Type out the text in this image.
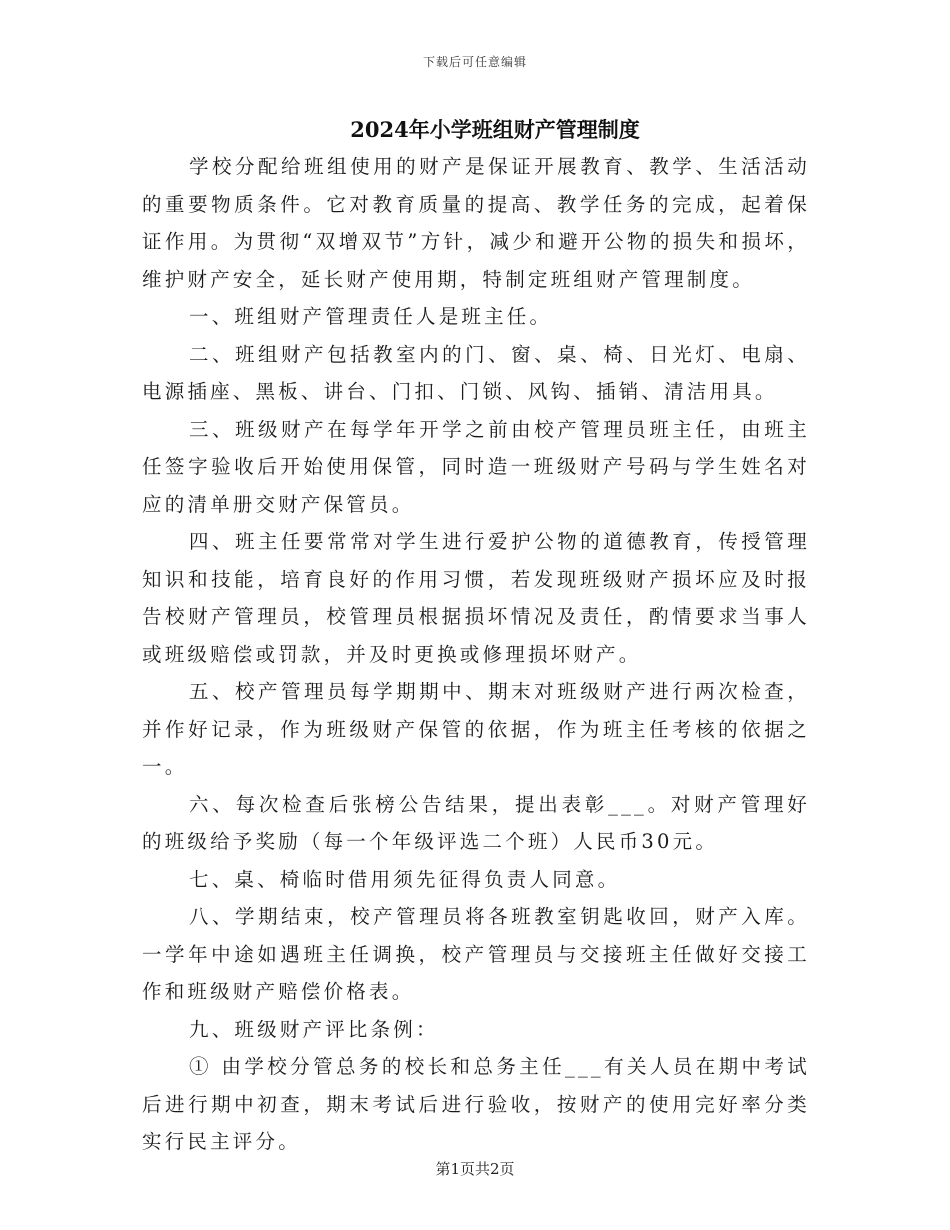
下载后可任意编辑
2024年小学班组财产管理制度

学校分配给班组使用的财产是保证开展教育、教学、生活活动的重要物质条件。它对教育质量的提高、教学任务的完成，起着保证作用。为贯彻“双增双节”方针，减少和避开公物的损失和损坏，维护财产安全，延长财产使用期，特制定班组财产管理制度。

一、班组财产管理责任人是班主任。

二、班组财产包括教室内的门、窗、桌、椅、日光灯、电扇、电源插座、黑板、讲台、门扣、门锁、风钩、插销、清洁用具。

三、班级财产在每学年开学之前由校产管理员班主任，由班主任签字验收后开始使用保管，同时造一班级财产号码与学生姓名对应的清单册交财产保管员。

四、班主任要常常对学生进行爱护公物的道德教育，传授管理知识和技能，培育良好的作用习惯，若发现班级财产损坏应及时报告校财产管理员，校管理员根据损坏情况及责任，酌情要求当事人或班级赔偿或罚款，并及时更换或修理损坏财产。

五、校产管理员每学期期中、期末对班级财产进行两次检查，并作好记录，作为班级财产保管的依据，作为班主任考核的依据之一。

六、每次检查后张榜公告结果，提出表彰___。对财产管理好的班级给予奖励（每一个年级评选二个班）人民币30元。

七、桌、椅临时借用须先征得负责人同意。

八、学期结束，校产管理员将各班教室钥匙收回，财产入库。一学年中途如遇班主任调换，校产管理员与交接班主任做好交接工作和班级财产赔偿价格表。

九、班级财产评比条例：

① 由学校分管总务的校长和总务主任___有关人员在期中考试后进行期中初查，期末考试后进行验收，按财产的使用完好率分类实行民主评分。

第1页共2页
